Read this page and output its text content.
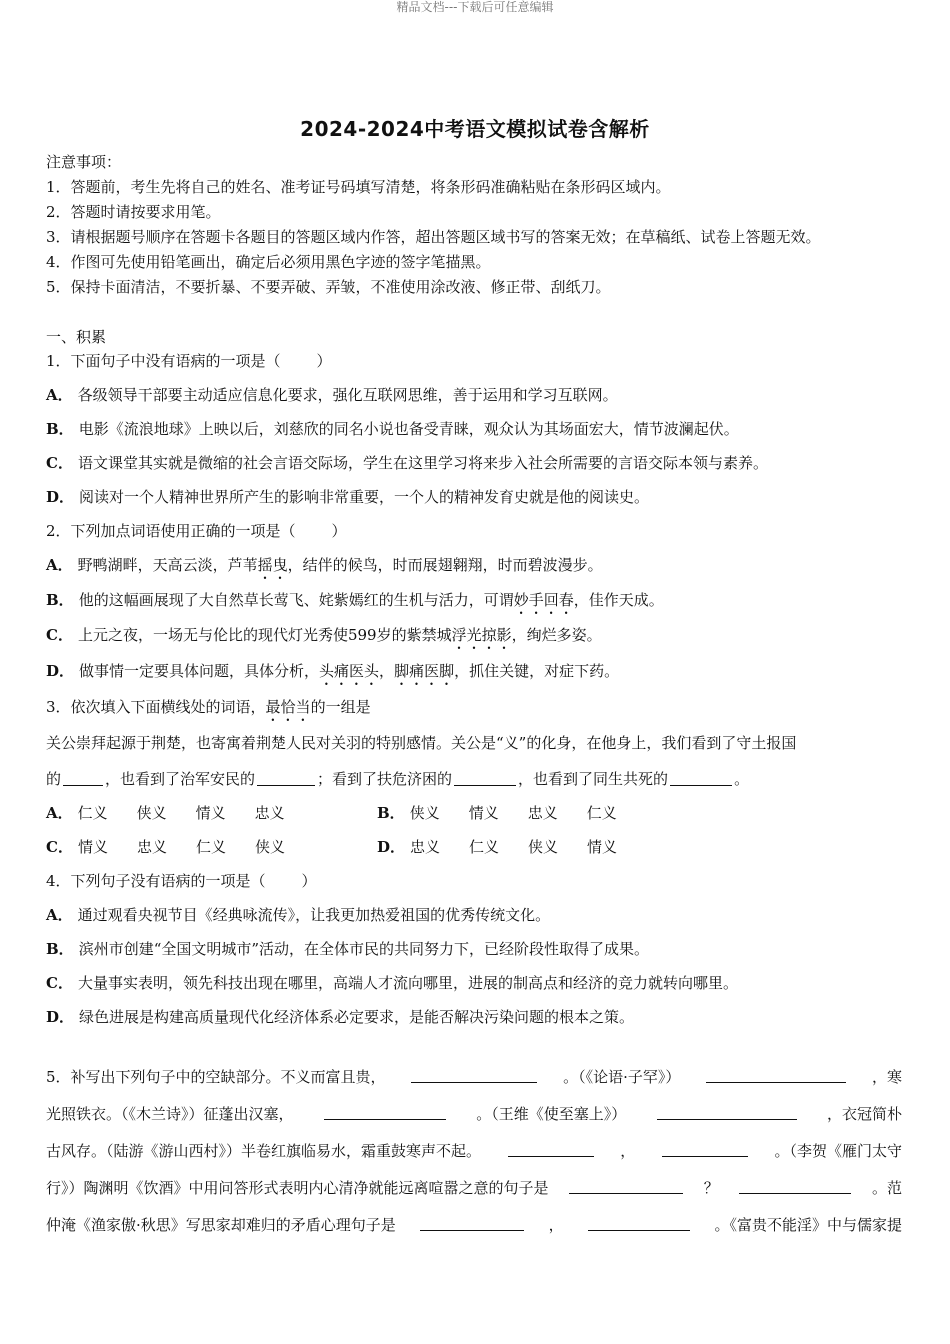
精品文档---下载后可任意编辑
2024-2024中考语文模拟试卷含解析
注意事项：
1．答题前，考生先将自己的姓名、准考证号码填写清楚，将条形码准确粘贴在条形码区域内。
2．答题时请按要求用笔。
3．请根据题号顺序在答题卡各题目的答题区域内作答，超出答题区域书写的答案无效；在草稿纸、试卷上答题无效。
4．作图可先使用铅笔画出，确定后必须用黑色字迹的签字笔描黑。
5．保持卡面清洁，不要折暴、不要弄破、弄皱，不准使用涂改液、修正带、刮纸刀。
一、积累
1．下面句子中没有语病的一项是（ ）
A． 各级领导干部要主动适应信息化要求，强化互联网思维，善于运用和学习互联网。
B． 电影《流浪地球》上映以后，刘慈欣的同名小说也备受青睐，观众认为其场面宏大，情节波澜起伏。
C． 语文课堂其实就是微缩的社会言语交际场，学生在这里学习将来步入社会所需要的言语交际本领与素养。
D． 阅读对一个人精神世界所产生的影响非常重要，一个人的精神发育史就是他的阅读史。
2．下列加点词语使用正确的一项是（ ）
A． 野鸭湖畔，天高云淡，芦苇摇曳，结伴的候鸟，时而展翅翱翔，时而碧波漫步。
B． 他的这幅画展现了大自然草长莺飞、姹紫嫣红的生机与活力，可谓妙手回春，佳作天成。
C． 上元之夜，一场无与伦比的现代灯光秀使599岁的紫禁城浮光掠影，绚烂多姿。
D． 做事情一定要具体问题，具体分析，头痛医头，脚痛医脚，抓住关键，对症下药。
3．依次填入下面横线处的词语，最恰当的一组是
关公崇拜起源于荆楚，也寄寓着荆楚人民对关羽的特别感情。关公是“义”的化身，在他身上，我们看到了守土报国
的	，也看到了治军安民的	；看到了扶危济困的	，也看到了同生共死的	。
A． 仁义 侠义 情义 忠义	B． 侠义 情义 忠义 仁义
C． 情义 忠义 仁义 侠义	D． 忠义 仁义 侠义 情义
4．下列句子没有语病的一项是（ ）
A． 通过观看央视节目《经典咏流传》，让我更加热爱祖国的优秀传统文化。
B． 滨州市创建“全国文明城市”活动，在全体市民的共同努力下，已经阶段性取得了成果。
C． 大量事实表明，领先科技出现在哪里，高端人才流向哪里，进展的制高点和经济的竞力就转向哪里。
D． 绿色进展是构建高质量现代化经济体系必定要求，是能否解决污染问题的根本之策。
5．补写出下列句子中的空缺部分。不义而富且贵，	。（《论语·子罕》）	，寒
光照铁衣。（《木兰诗》）征蓬出汉塞，	。（王维《使至塞上》）	，衣冠简朴
古风存。（陆游《游山西村》）半卷红旗临易水，霜重鼓寒声不起。	，	。（李贺《雁门太守
行》）陶渊明《饮酒》中用问答形式表明内心清净就能远离喧嚣之意的句子是	？	。范
仲淹《渔家傲·秋思》写思家却难归的矛盾心理句子是	，	。《富贵不能淫》中与儒家提
